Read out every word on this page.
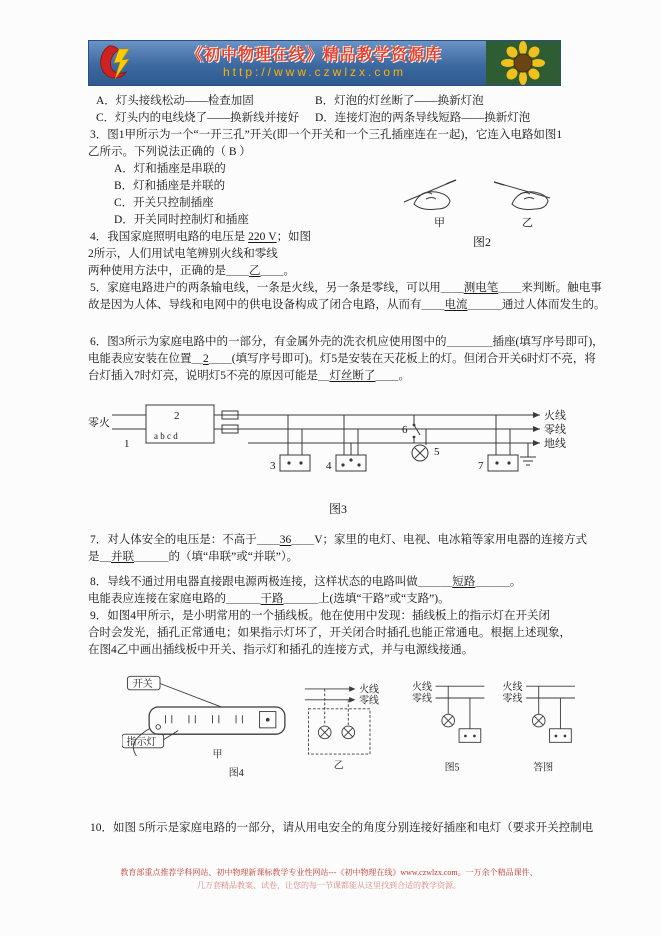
《初中物理在线》精品教学资源库
http://www.czwlzx.com
A．灯头接线松动——检查加固	B．灯泡的灯丝断了——换新灯泡
C．灯头内的电线烧了——换新线并接好	D．连接灯泡的两条导线短路——换新灯泡
3．图1甲所示为一个“一开三孔”开关(即一个开关和一个三孔插座连在一起)，它连入电路如图1
乙所示。下列说法正确的（ B ）
A．灯和插座是串联的
B．灯和插座是并联的
C．开关只控制插座
D．开关同时控制灯和插座
4．我国家庭照明电路的电压是 220 V；如图
2所示，人们用试电笔辨别火线和零线
两种使用方法中，正确的是＿＿乙＿＿。
5．家庭电路进户的两条输电线，一条是火线，另一条是零线，可以用＿＿测电笔＿＿来判断。触电事
故是因为人体、导线和电网中的供电设备构成了闭合电路，从而有＿＿电流＿＿＿通过人体而发生的。
6．图3所示为家庭电路中的一部分，有金属外壳的洗衣机应使用图中的＿＿＿＿插座(填写序号即可)，
电能表应安装在位置＿2＿＿(填写序号即可)。灯5是安装在天花板上的灯。但闭合开关6时灯不亮，将
台灯插入7时灯亮，说明灯5不亮的原因可能是＿灯丝断了＿＿。
零火
1
2
a b c d
3	4
6
5
7
火线
零线
地线
图3
7．对人体安全的电压是：不高于＿＿36＿＿V；家里的电灯、电视、电冰箱等家用电器的连接方式
是＿并联＿＿＿的（填“串联”或“并联”）。
8．导线不通过用电器直接跟电源两极连接，这样状态的电路叫做＿＿＿短路＿＿＿。
电能表应连接在家庭电路的＿＿＿干路＿＿＿上(选填“干路”或“支路”)。
9．如图4甲所示，是小明常用的一个插线板。他在使用中发现：插线板上的指示灯在开关闭
合时会发光，插孔正常通电；如果指示灯坏了，开关闭合时插孔也能正常通电。根据上述现象，
在图4乙中画出插线板中开关、指示灯和插孔的连接方式，并与电源线接通。
开关
指示灯
甲
图4
火线
零线
乙
火线
零线
图5
火线
零线
答图
10．如图 5所示是家庭电路的一部分，请从用电安全的角度分别连接好插座和电灯（要求开关控制电
甲	乙
图2
教育部重点推荐学科网站、初中物理新课标教学专业性网站---《初中物理在线》www.czwlzx.com。一万余个精品课件、
几万套精品教案、试卷，让您的每一节课都能从这里找到合适的教学资源。
